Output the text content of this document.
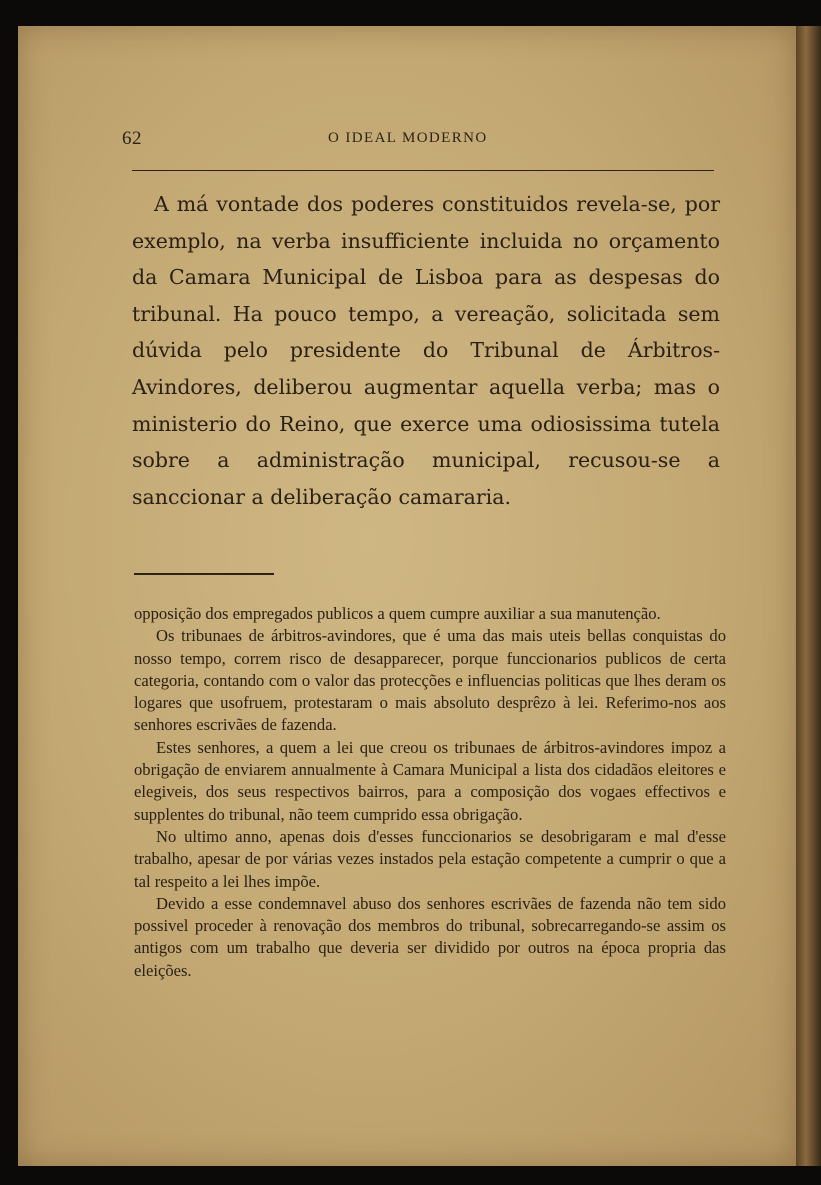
62	O IDEAL MODERNO

A má vontade dos poderes constituidos revela-se, por exemplo, na verba insufficiente incluida no orçamento da Camara Municipal de Lisboa para as despesas do tribunal. Ha pouco tempo, a vereação, solicitada sem dúvida pelo presidente do Tribunal de Árbitros-Avindores, deliberou augmentar aquella verba; mas o ministerio do Reino, que exerce uma odiosissima tutela sobre a administração municipal, recusou-se a sanccionar a deliberação camararia.

opposição dos empregados publicos a quem cumpre auxiliar a sua manutenção.

Os tribunaes de árbitros-avindores, que é uma das mais uteis bellas conquistas do nosso tempo, correm risco de desapparecer, porque funccionarios publicos de certa categoria, contando com o valor das protecções e influencias politicas que lhes deram os logares que usofruem, protestaram o mais absoluto desprêzo à lei. Referimo-nos aos senhores escrivães de fazenda.

Estes senhores, a quem a lei que creou os tribunaes de árbitros-avindores impoz a obrigação de enviarem annualmente à Camara Municipal a lista dos cidadãos eleitores e elegiveis, dos seus respectivos bairros, para a composição dos vogaes effectivos e supplentes do tribunal, não teem cumprido essa obrigação.

No ultimo anno, apenas dois d'esses funccionarios se desobrigaram e mal d'esse trabalho, apesar de por várias vezes instados pela estação competente a cumprir o que a tal respeito a lei lhes impõe.

Devido a esse condemnavel abuso dos senhores escrivães de fazenda não tem sido possivel proceder à renovação dos membros do tribunal, sobrecarregando-se assim os antigos com um trabalho que deveria ser dividido por outros na época propria das eleições.
